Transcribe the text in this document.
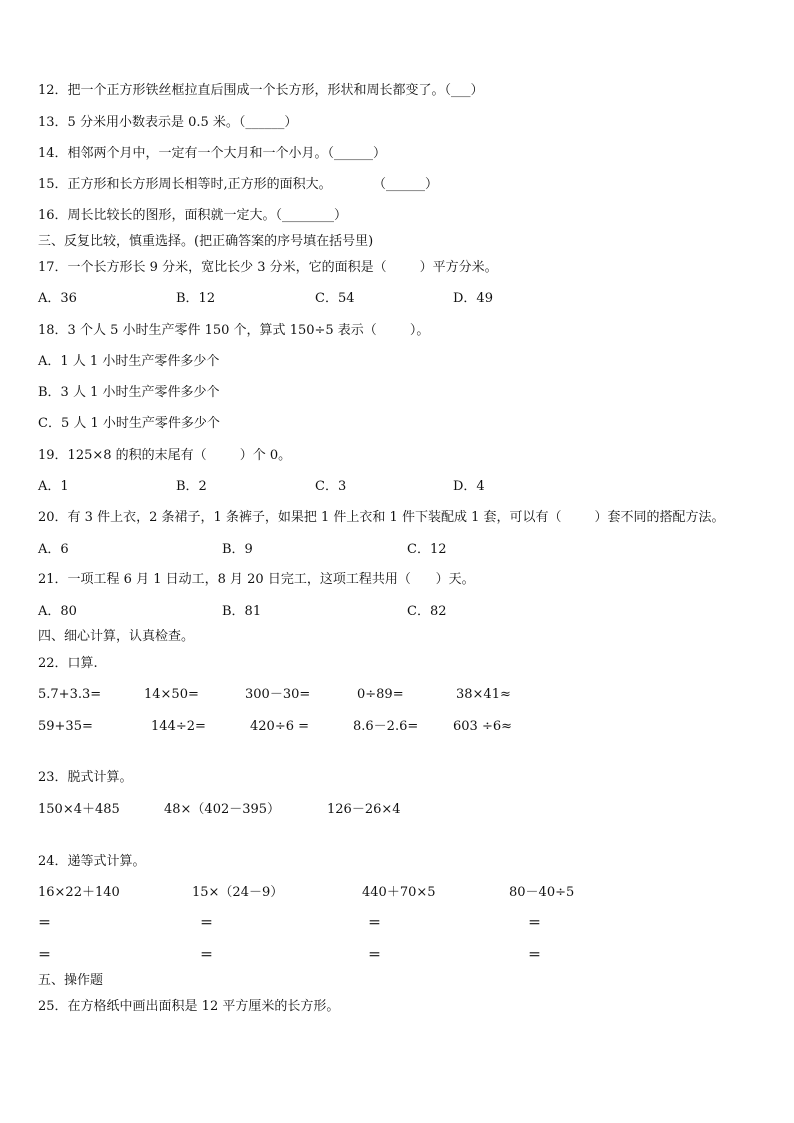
12．把一个正方形铁丝框拉直后围成一个长方形，形状和周长都变了。（___）
13．5 分米用小数表示是 0.5 米。（______）
14．相邻两个月中，一定有一个大月和一个小月。（______）
15．正方形和长方形周长相等时,正方形的面积大。          （______）
16．周长比较长的图形，面积就一定大。（________）
三、反复比较，慎重选择。(把正确答案的序号填在括号里)
17．一个长方形长 9 分米，宽比长少 3 分米，它的面积是（        ）平方分米。
A．36	B．12	C．54	D．49
18．3 个人 5 小时生产零件 150 个，算式 150÷5 表示（        ）。
A．1 人 1 小时生产零件多少个
B．3 人 1 小时生产零件多少个
C．5 人 1 小时生产零件多少个
19．125×8 的积的末尾有（        ）个 0。
A．1	B．2	C．3	D．4
20．有 3 件上衣，2 条裙子，1 条裤子，如果把 1 件上衣和 1 件下装配成 1 套，可以有（        ）套不同的搭配方法。
A．6	B．9	C．12
21．一项工程 6 月 1 日动工，8 月 20 日完工，这项工程共用（      ）天。
A．80	B．81	C．82
四、细心计算，认真检查。
22．口算.
5.7+3.3=	14×50=	300－30=	0÷89=	38×41≈
59+35=	144÷2=	420÷6 =	8.6－2.6=	603 ÷6≈
23．脱式计算。
150×4＋485	48×（402－395）	126－26×4
24．递等式计算。
16×22＋140	15×（24－9）	440＋70×5	80－40÷5
＝	＝	＝	＝
＝	＝	＝	＝
五、操作题
25．在方格纸中画出面积是 12 平方厘米的长方形。
